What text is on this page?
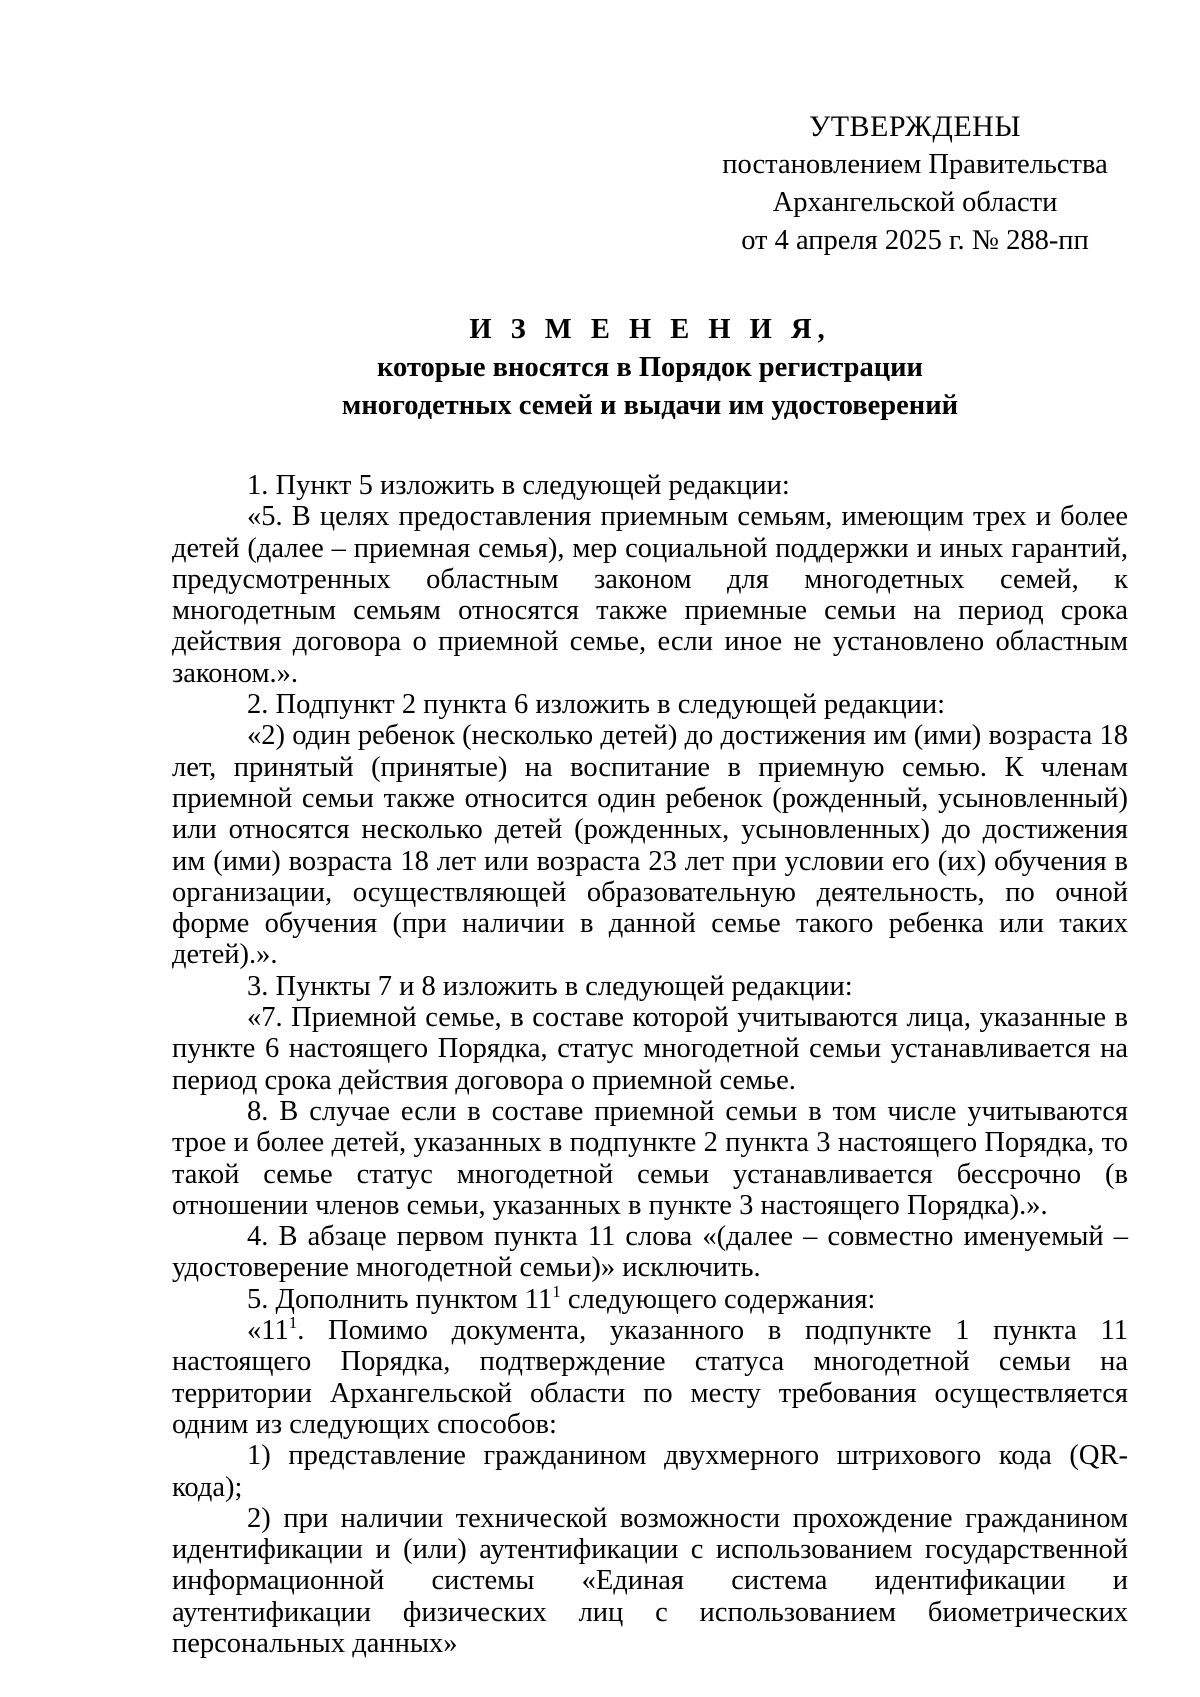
УТВЕРЖДЕНЫ
постановлением Правительства
Архангельской области
от 4 апреля 2025 г. № 288-пп
И З М Е Н Е Н И Я,
которые вносятся в Порядок регистрации
многодетных семей и выдачи им удостоверений

1. Пункт 5 изложить в следующей редакции:

«5. В целях предоставления приемным семьям, имеющим трех и более детей (далее – приемная семья), мер социальной поддержки и иных гарантий, предусмотренных областным законом для многодетных семей, к многодетным семьям относятся также приемные семьи на период срока действия договора о приемной семье, если иное не установлено областным законом.».

2. Подпункт 2 пункта 6 изложить в следующей редакции:

«2) один ребенок (несколько детей) до достижения им (ими) возраста 18 лет, принятый (принятые) на воспитание в приемную семью. К членам приемной семьи также относится один ребенок (рожденный, усыновленный) или относятся несколько детей (рожденных, усыновленных) до достижения им (ими) возраста 18 лет или возраста 23 лет при условии его (их) обучения в организации, осуществляющей образовательную деятельность, по очной форме обучения (при наличии в данной семье такого ребенка или таких детей).».

3. Пункты 7 и 8 изложить в следующей редакции:

«7. Приемной семье, в составе которой учитываются лица, указанные в пункте 6 настоящего Порядка, статус многодетной семьи устанавливается на период срока действия договора о приемной семье.

8. В случае если в составе приемной семьи в том числе учитываются трое и более детей, указанных в подпункте 2 пункта 3 настоящего Порядка, то такой семье статус многодетной семьи устанавливается бессрочно (в отношении членов семьи, указанных в пункте 3 настоящего Порядка).».

4. В абзаце первом пункта 11 слова «(далее – совместно именуемый – удостоверение многодетной семьи)» исключить.

5. Дополнить пунктом $11^1$ следующего содержания:

«$11^1$. Помимо документа, указанного в подпункте 1 пункта 11 настоящего Порядка, подтверждение статуса многодетной семьи на территории Архангельской области по месту требования осуществляется одним из следующих способов:

1) представление гражданином двухмерного штрихового кода (QR-кода);

2) при наличии технической возможности прохождение гражданином идентификации и (или) аутентификации с использованием государственной информационной системы «Единая система идентификации и аутентификации физических лиц с использованием биометрических персональных данных»
